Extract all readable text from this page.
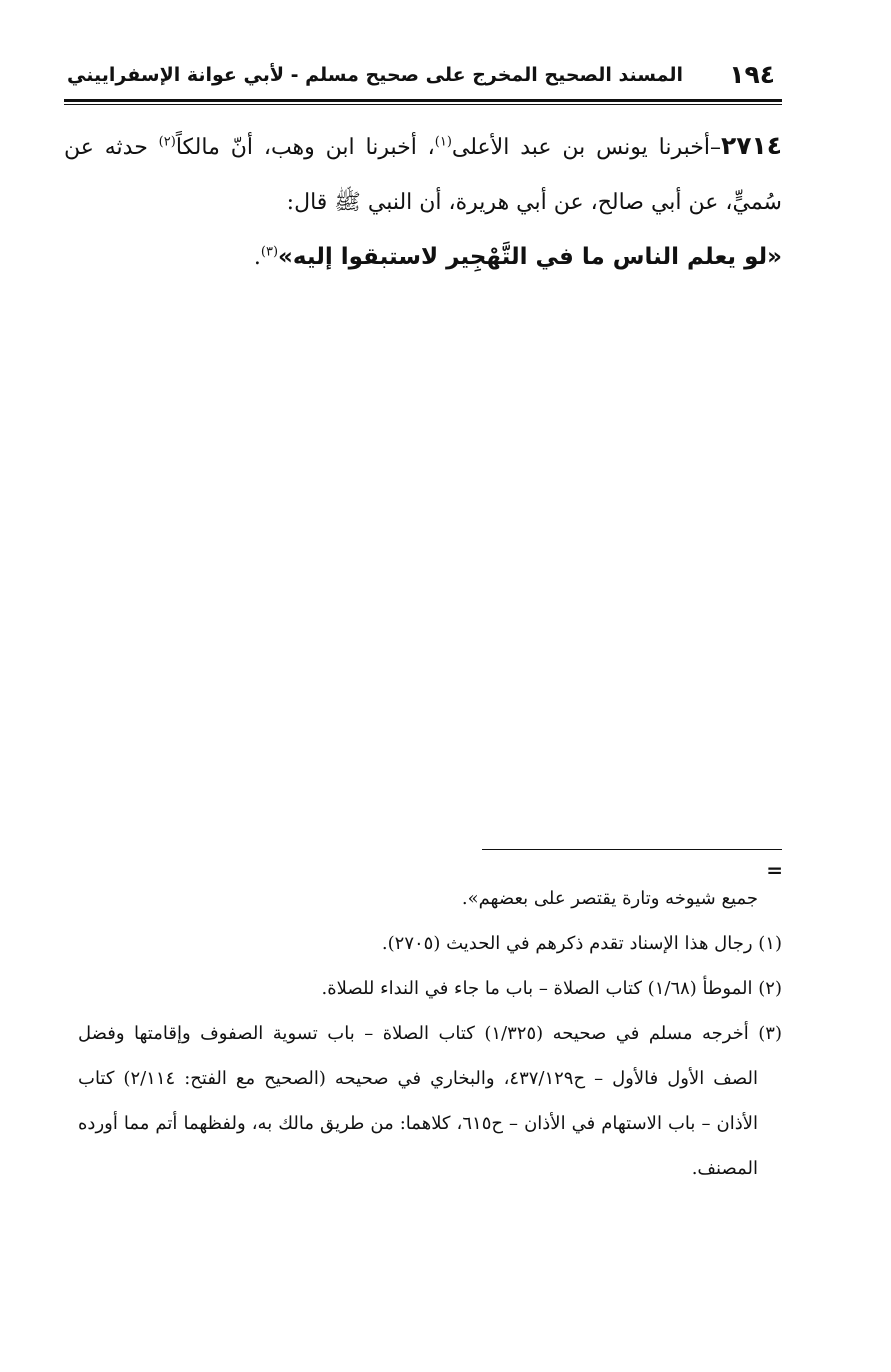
١٩٤
المسند الصحيح المخرج على صحيح مسلم - لأبي عوانة الإسفراييني
٢٧١٤–أخبرنا يونس بن عبد الأعلى$^{(١)}$، أخبرنا ابن وهب، أنّ مالكاً$^{(٢)}$ حدثه عن سُميٍّ، عن أبي صالح، عن أبي هريرة، أن النبي ﷺ قال:
«لو يعلم الناس ما في التَّهْجِير لاستبقوا إليه»$^{(٣)}$.
=

جميع شيوخه وتارة يقتصر على بعضهم».

(١) رجال هذا الإسناد تقدم ذكرهم في الحديث (٢٧٠٥).

(٢) الموطأ (١/٦٨) كتاب الصلاة – باب ما جاء في النداء للصلاة.

(٣) أخرجه مسلم في صحيحه (١/٣٢٥) كتاب الصلاة – باب تسوية الصفوف وإقامتها وفضل الصف الأول فالأول – ح٤٣٧/١٢٩، والبخاري في صحيحه (الصحيح مع الفتح: ٢/١١٤) كتاب الأذان – باب الاستهام في الأذان – ح٦١٥، كلاهما: من طريق مالك به، ولفظهما أتم مما أورده المصنف.
